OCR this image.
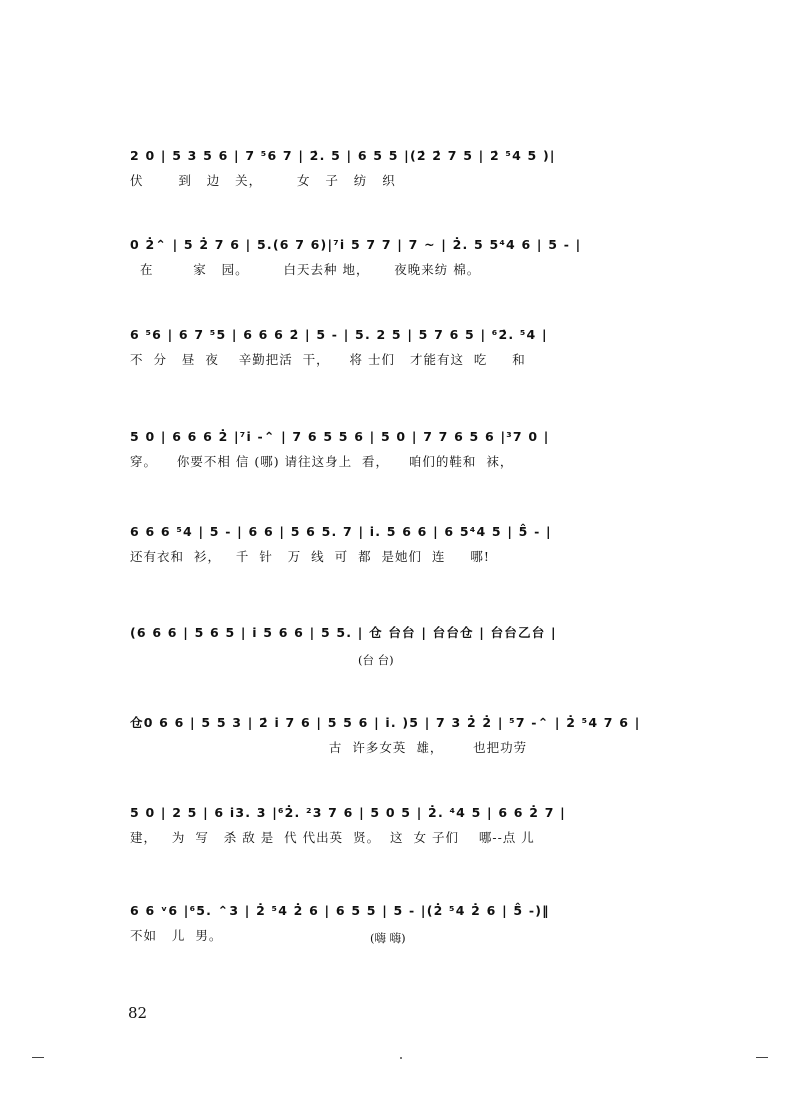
2 0 | 5 3 5 6 | 7 ⁵6 7 | 2̇. 5 | 6 5 5 |(2̇ 2̇ 7 5 | 2̇ ⁵4 5 )|
伏       到   边   关，       女   子   纺   织
0 2̇⌃ | 5 2̇ 7 6 | 5.(6 7 6)|⁷i 5 7 7 | 7 ~ | 2̇. 5 5⁴4 6 | 5 - |
在        家   园。       白天去种 地，     夜晚来纺 棉。
6 ⁵6 | 6 7 ⁵5 | 6 6 6 2̇ | 5 - | 5. 2 5 | 5 7 6 5 | ⁶2̇. ⁵4 |
不  分   昼  夜    辛勤把活  干，    将 士们   才能有这  吃     和
5 0 | 6 6 6 2̇ |⁷i -⌃ | 7 6 5 5 6 | 5 0 | 7 7 6 5 6 |³7 0 |
穿。    你要不相 信 (哪) 请往这身上  看，    咱们的鞋和  袜，
6 6 6 ⁵4 | 5 - | 6 6 | 5 6 5. 7 | i. 5 6 6 | 6 5⁴4 5 | 5̂ - |
还有衣和  衫，   千  针   万  线  可  都  是她们  连     哪!
(6 6 6 | 5 6 5 | i 5 6 6 | 5 5. | 仓 台台 | 台台仓 | 台台乙台 |
(台 台)
仓0 6 6 | 5 5 3 | 2̇ i 7 6 | 5 5 6 | i. )5 | 7 3 2̇ 2̇ | ⁵7 -⌃ | 2̇ ⁵4 7 6 |
古  许多女英  雄，      也把功劳
5 0 | 2 5 | 6 i3. 3 |⁶2̇. ²3 7 6 | 5 0 5 | 2̇. ⁴4 5 | 6 6 2̇ 7 |
建，   为  写   杀 敌 是  代 代出英  贤。  这  女 子们    哪--点 儿
6 6 ᵛ6 |⁶5. ⌃3 | 2̇ ⁵4 2̇ 6 | 6 5 5 | 5 - |(2̇ ⁵4 2̇ 6 | 5̂ -)‖
不如   儿  男。	(嗨 嗨)
82
